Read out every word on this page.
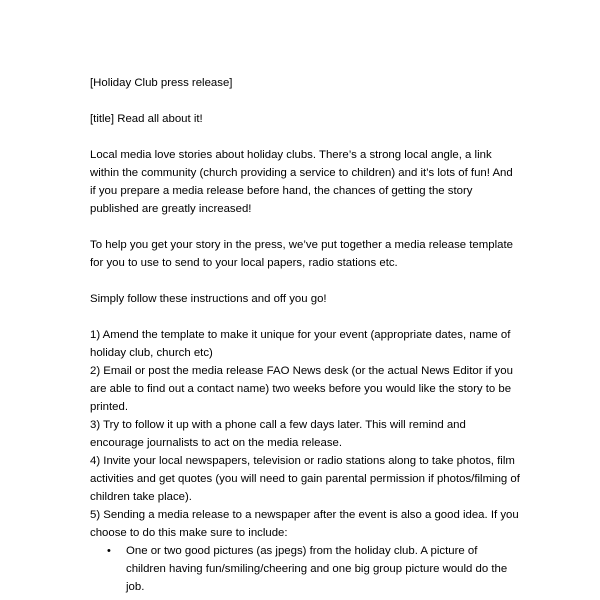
[Holiday Club press release]

[title] Read all about it!

Local media love stories about holiday clubs. There’s a strong local angle, a link
within the community (church providing a service to children) and it’s lots of fun! And
if you prepare a media release before hand, the chances of getting the story
published are greatly increased!

To help you get your story in the press, we’ve put together a media release template
for you to use to send to your local papers, radio stations etc.

Simply follow these instructions and off you go!

1) Amend the template to make it unique for your event (appropriate dates, name of
holiday club, church etc)
2) Email or post the media release FAO News desk (or the actual News Editor if you
are able to find out a contact name) two weeks before you would like the story to be
printed.
3) Try to follow it up with a phone call a few days later. This will remind and
encourage journalists to act on the media release.
4) Invite your local newspapers, television or radio stations along to take photos, film
activities and get quotes (you will need to gain parental permission if photos/filming of
children take place).
5) Sending a media release to a newspaper after the event is also a good idea. If you
choose to do this make sure to include:
• One or two good pictures (as jpegs) from the holiday club. A picture of
children having fun/smiling/cheering and one big group picture would do the
job.
